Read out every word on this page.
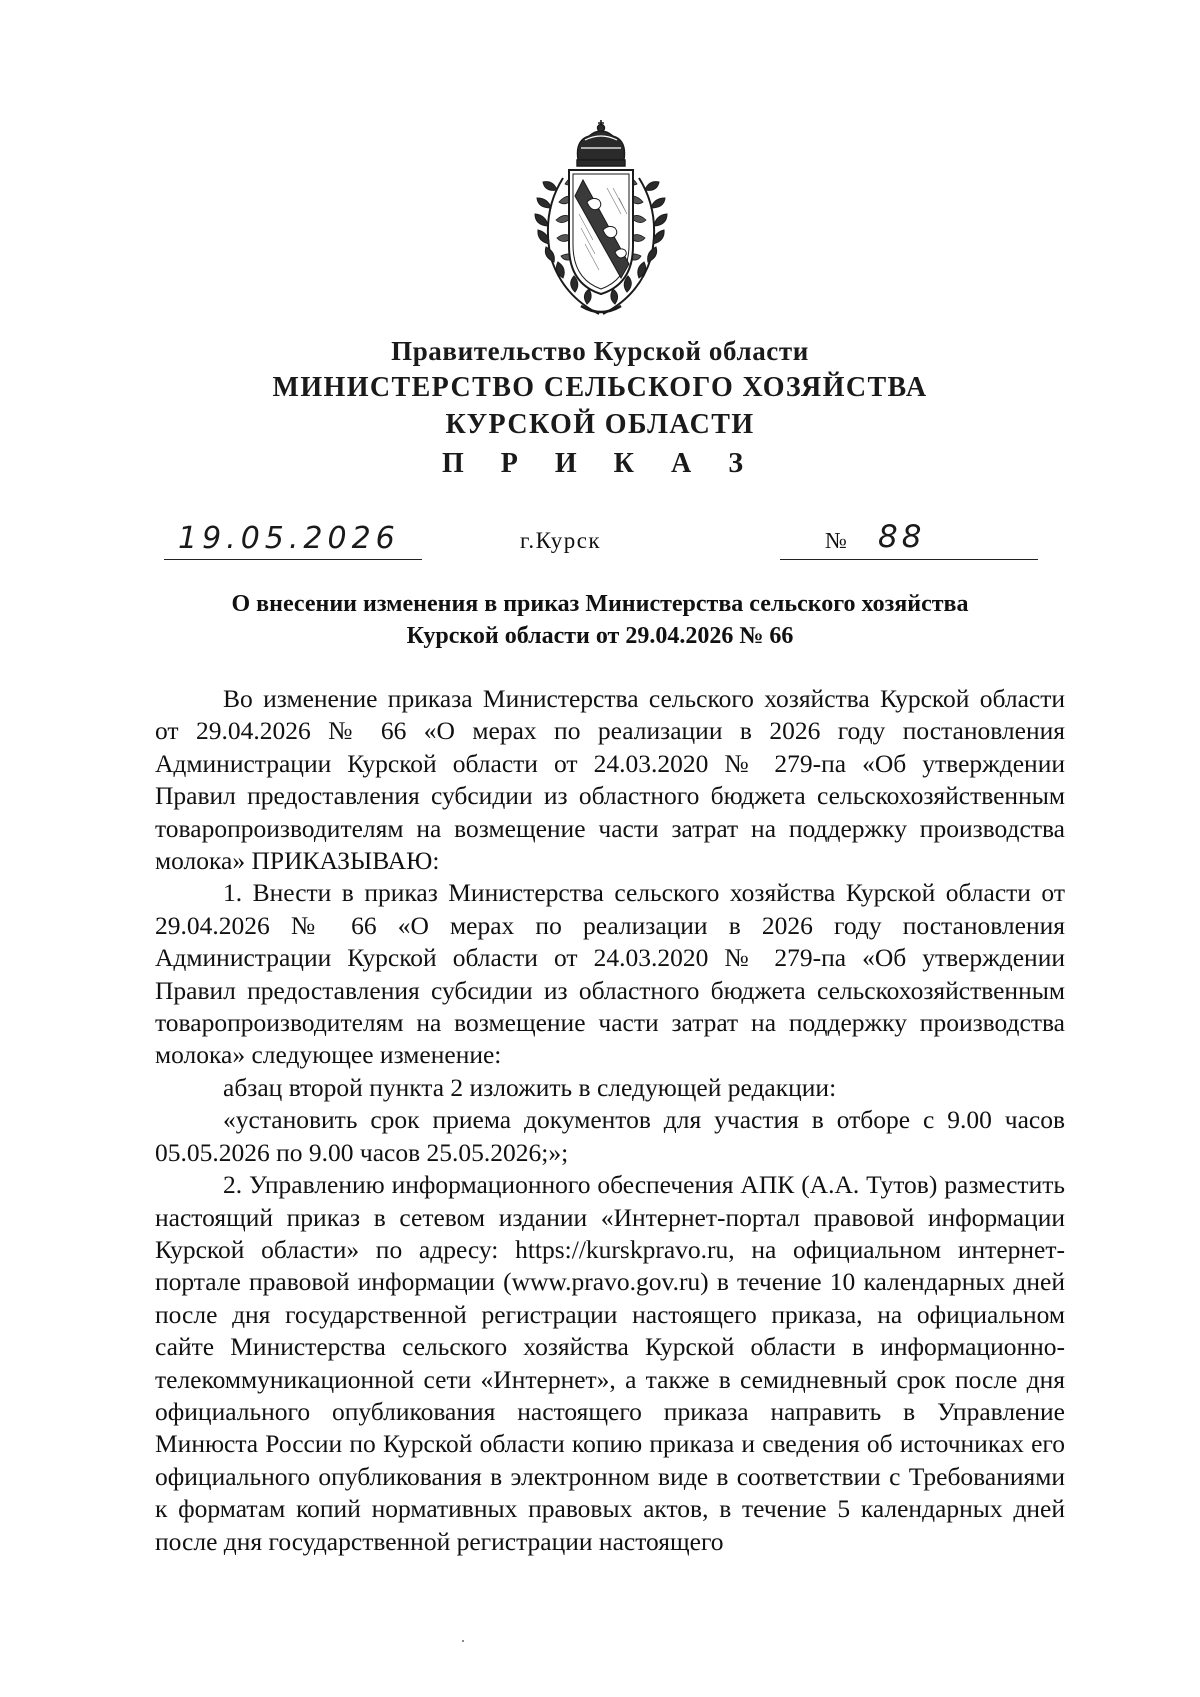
Правительство Курской области
МИНИСТЕРСТВО СЕЛЬСКОГО ХОЗЯЙСТВА
КУРСКОЙ ОБЛАСТИ
П Р И К А З
19.05.2026	г.Курск	№ 88
О внесении изменения в приказ Министерства сельского хозяйства
Курской области от 29.04.2026 № 66

Во изменение приказа Министерства сельского хозяйства Курской области от 29.04.2026 № 66 «О мерах по реализации в 2026 году постановления Администрации Курской области от 24.03.2020 № 279-па «Об утверждении Правил предоставления субсидии из областного бюджета сельскохозяйственным товаропроизводителям на возмещение части затрат на поддержку производства молока» ПРИКАЗЫВАЮ:

1. Внести в приказ Министерства сельского хозяйства Курской области от 29.04.2026 № 66 «О мерах по реализации в 2026 году постановления Администрации Курской области от 24.03.2020 № 279-па «Об утверждении Правил предоставления субсидии из областного бюджета сельскохозяйственным товаропроизводителям на возмещение части затрат на поддержку производства молока» следующее изменение:

абзац второй пункта 2 изложить в следующей редакции:

«установить срок приема документов для участия в отборе с 9.00 часов 05.05.2026 по 9.00 часов 25.05.2026;»;

2. Управлению информационного обеспечения АПК (А.А. Тутов) разместить настоящий приказ в сетевом издании «Интернет-портал правовой информации Курской области» по адресу: https://kurskpravo.ru, на официальном интернет-портале правовой информации (www.pravo.gov.ru) в течение 10 календарных дней после дня государственной регистрации настоящего приказа, на официальном сайте Министерства сельского хозяйства Курской области в информационно-телекоммуникационной сети «Интернет», а также в семидневный срок после дня официального опубликования настоящего приказа направить в Управление Минюста России по Курской области копию приказа и сведения об источниках его официального опубликования в электронном виде в соответствии с Требованиями к форматам копий нормативных правовых актов, в течение 5 календарных дней после дня государственной регистрации настоящего
